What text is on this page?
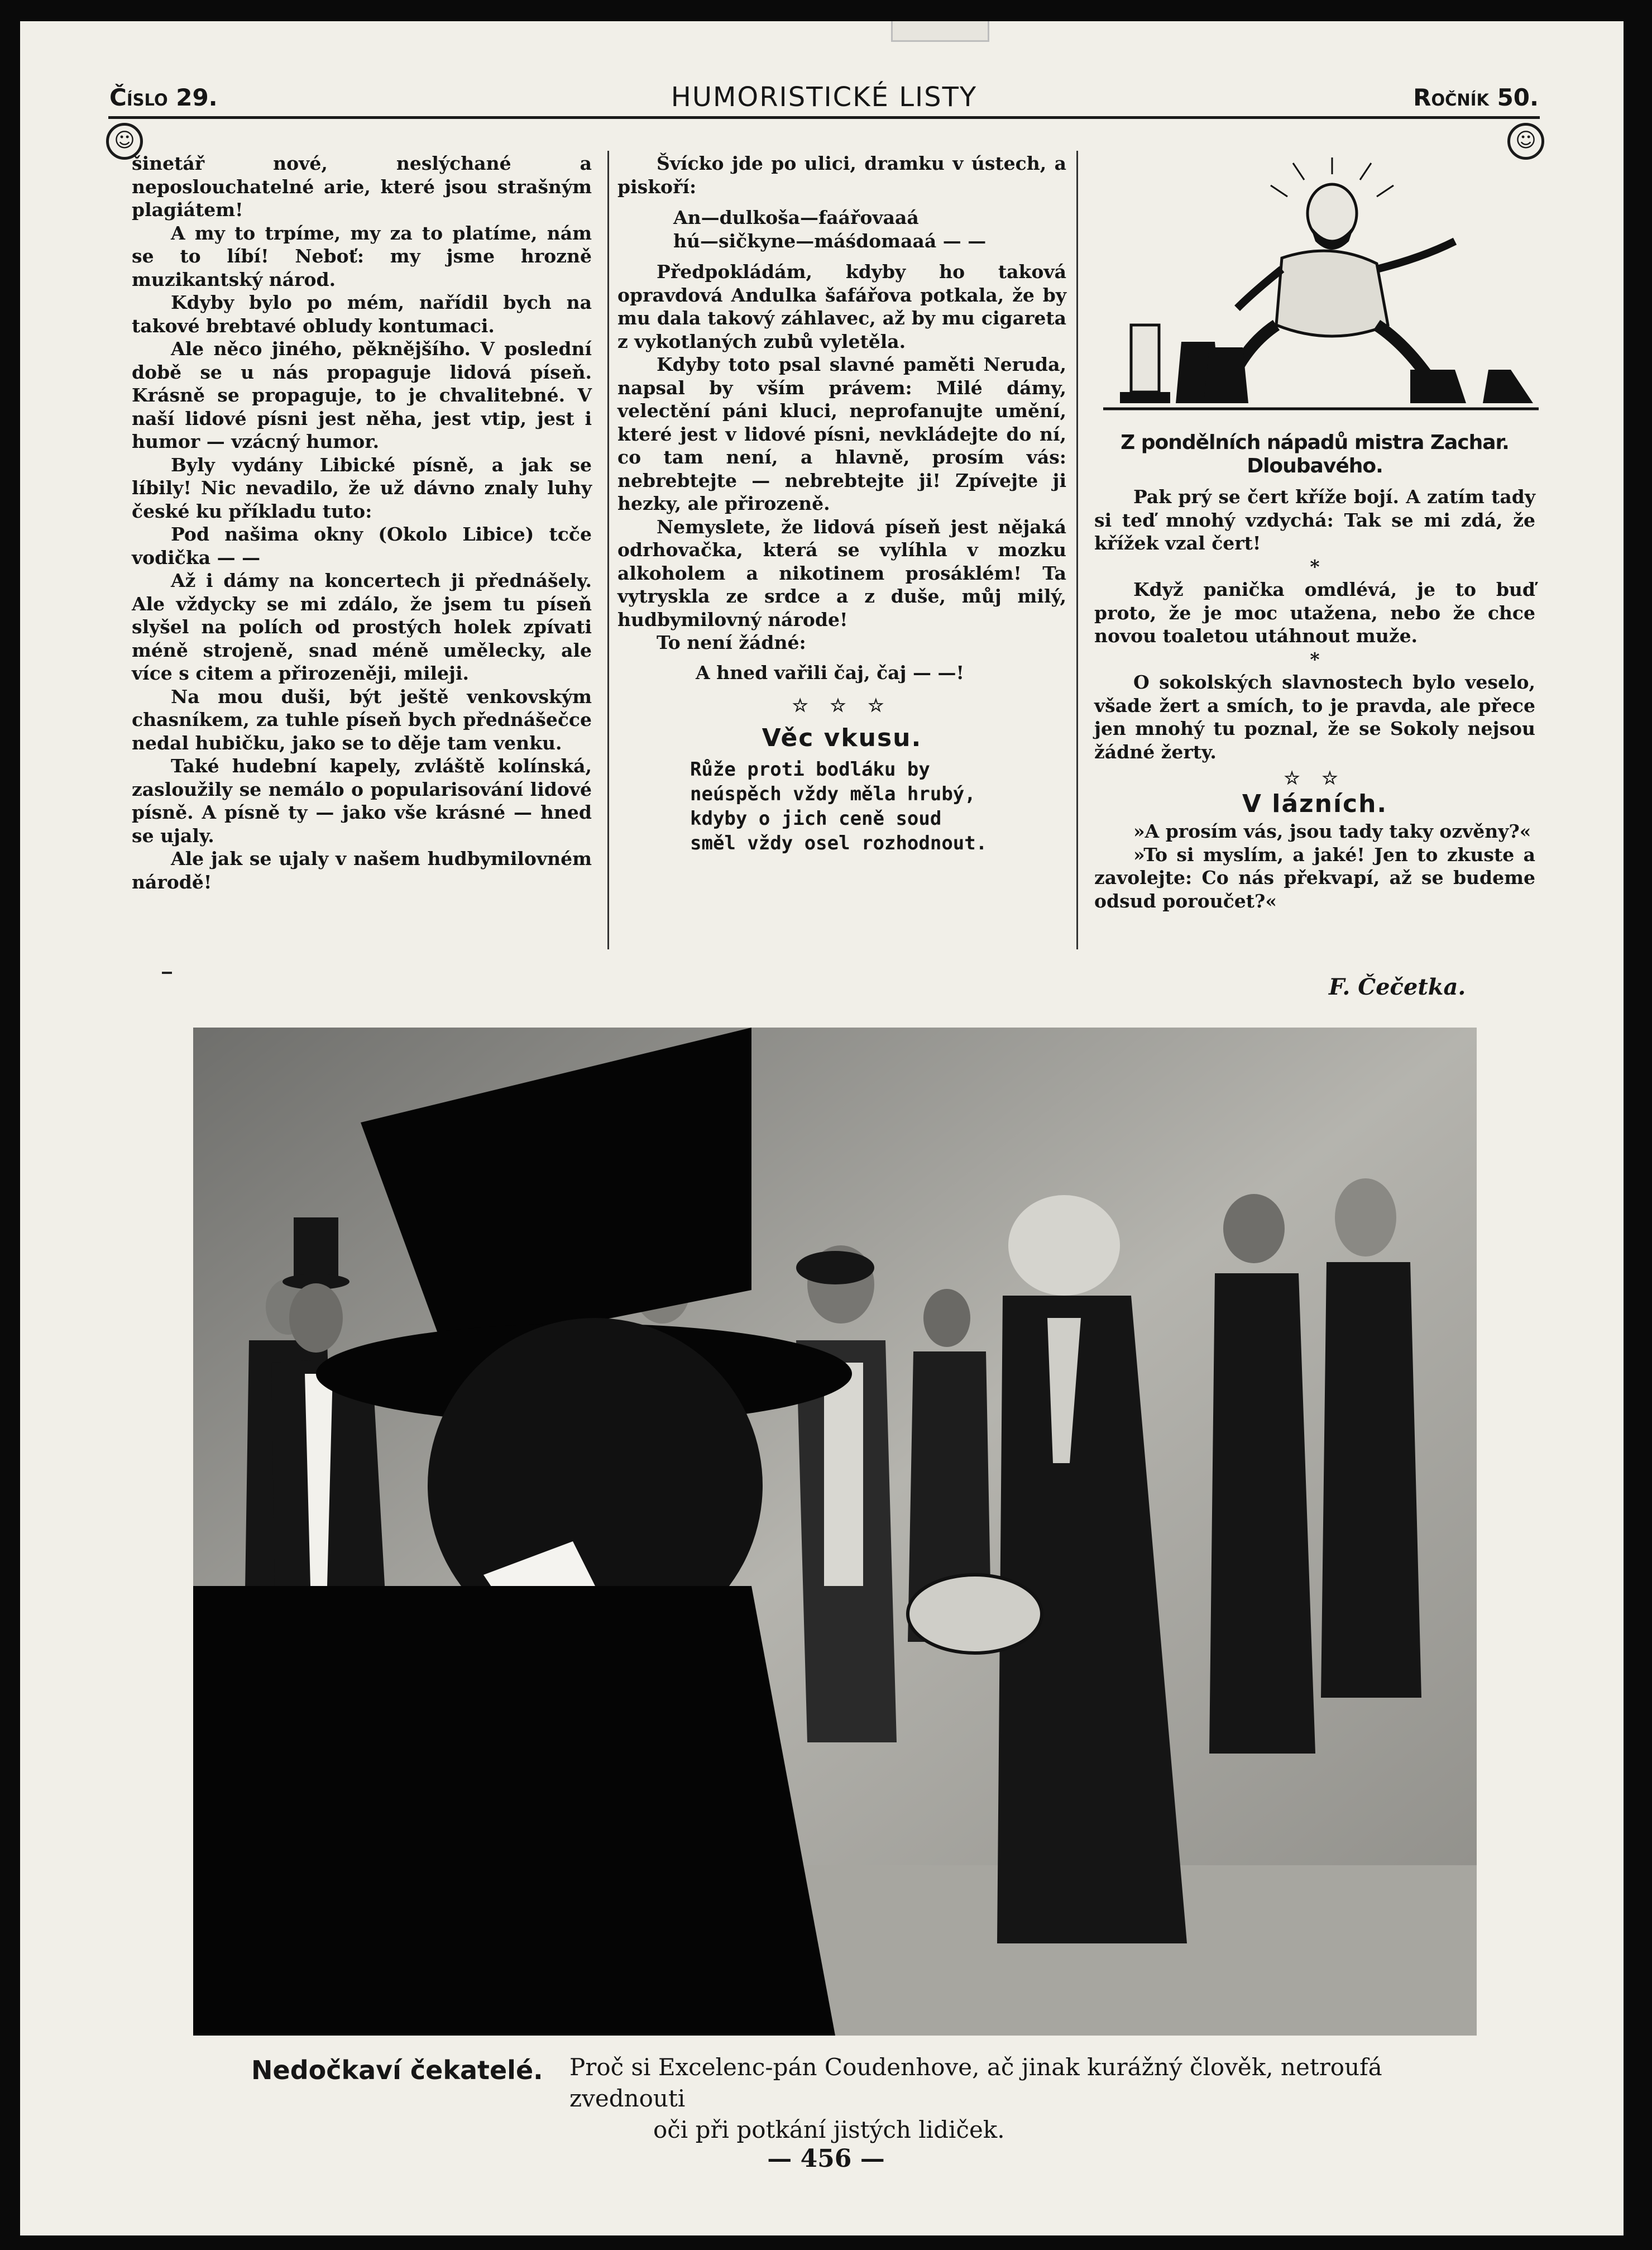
Číslo 29.	HUMORISTICKÉ LISTY	Ročník 50.
☺	☺

šinetář nové, neslýchané a neposlouchatelné arie, které jsou strašným plagiátem!

A my to trpíme, my za to platíme, nám se to líbí! Neboť: my jsme hrozně muzikantský národ.

Kdyby bylo po mém, nařídil bych na takové brebtavé obludy kontumaci.

Ale něco jiného, pěknějšího. V poslední době se u nás propaguje lidová píseň. Krásně se propaguje, to je chvalitebné. V naší lidové písni jest něha, jest vtip, jest i humor — vzácný humor.

Byly vydány Libické písně, a jak se líbily! Nic nevadilo, že už dávno znaly luhy české ku příkladu tuto:

Pod našima okny (Okolo Libice) tcče vodička — —

Až i dámy na koncertech ji přednášely. Ale vždycky se mi zdálo, že jsem tu píseň slyšel na polích od prostých holek zpívati méně strojeně, snad méně umělecky, ale více s citem a přirozeněji, mileji.

Na mou duši, být ještě venkovským chasníkem, za tuhle píseň bych přednášečce nedal hubičku, jako se to děje tam venku.

Také hudební kapely, zvláště kolínská, zasloužily se nemálo o popularisování lidové písně. A písně ty — jako vše krásné — hned se ujaly.

Ale jak se ujaly v našem hudbymilovném národě!

Švícko jde po ulici, dramku v ústech, a piskoří:

An—dulkoša—faářovaaá
hú—sičkyne—máśdomaaá — —

Předpokládám, kdyby ho taková opravdová Andulka šafářova potkala, že by mu dala takový záhlavec, až by mu cigareta z vykotlaných zubů vyletěla.

Kdyby toto psal slavné paměti Neruda, napsal by vším právem: Milé dámy, velectění páni kluci, neprofanujte umění, které jest v lidové písni, nevkládejte do ní, co tam není, a hlavně, prosím vás: nebrebtejte — nebrebtejte ji! Zpívejte ji hezky, ale přirozeně.

Nemyslete, že lidová píseň jest nějaká odrhovačka, která se vylíhla v mozku alkoholem a nikotinem prosáklém! Ta vytryskla ze srdce a z duše, můj milý, hudbymilovný národe!

To není žádné:

A hned vařili čaj, čaj — —!
☆ ☆ ☆
Věc vkusu.
Růže proti bodláku by
neúspěch vždy měla hrubý,
kdyby o jich ceně soud
směl vždy osel rozhodnout.
Z pondělních nápadů mistra Zachar. Dloubavého.

Pak prý se čert kříže bojí. A zatím tady si teď mnohý vzdychá: Tak se mi zdá, že křížek vzal čert!

*

Když panička omdlévá, je to buď proto, že je moc utažena, nebo že chce novou toaletou utáhnout muže.

*

O sokolských slavnostech bylo veselo, všade žert a smích, to je pravda, ale přece jen mnohý tu poznal, že se Sokoly nejsou žádné žerty.

☆ ☆
V lázních.

»A prosím vás, jsou tady taky ozvěny?«

»To si myslím, a jaké! Jen to zkuste a zavolejte: Co nás překvapí, až se budeme odsud poroučet?«

F. Čečetka.
Nedočkaví čekatelé. Proč si Excelenc-pán Coudenhove, ač jinak kurážný člověk, netroufá zvednouti
oči při potkání jistých lidiček.
— 456 —
